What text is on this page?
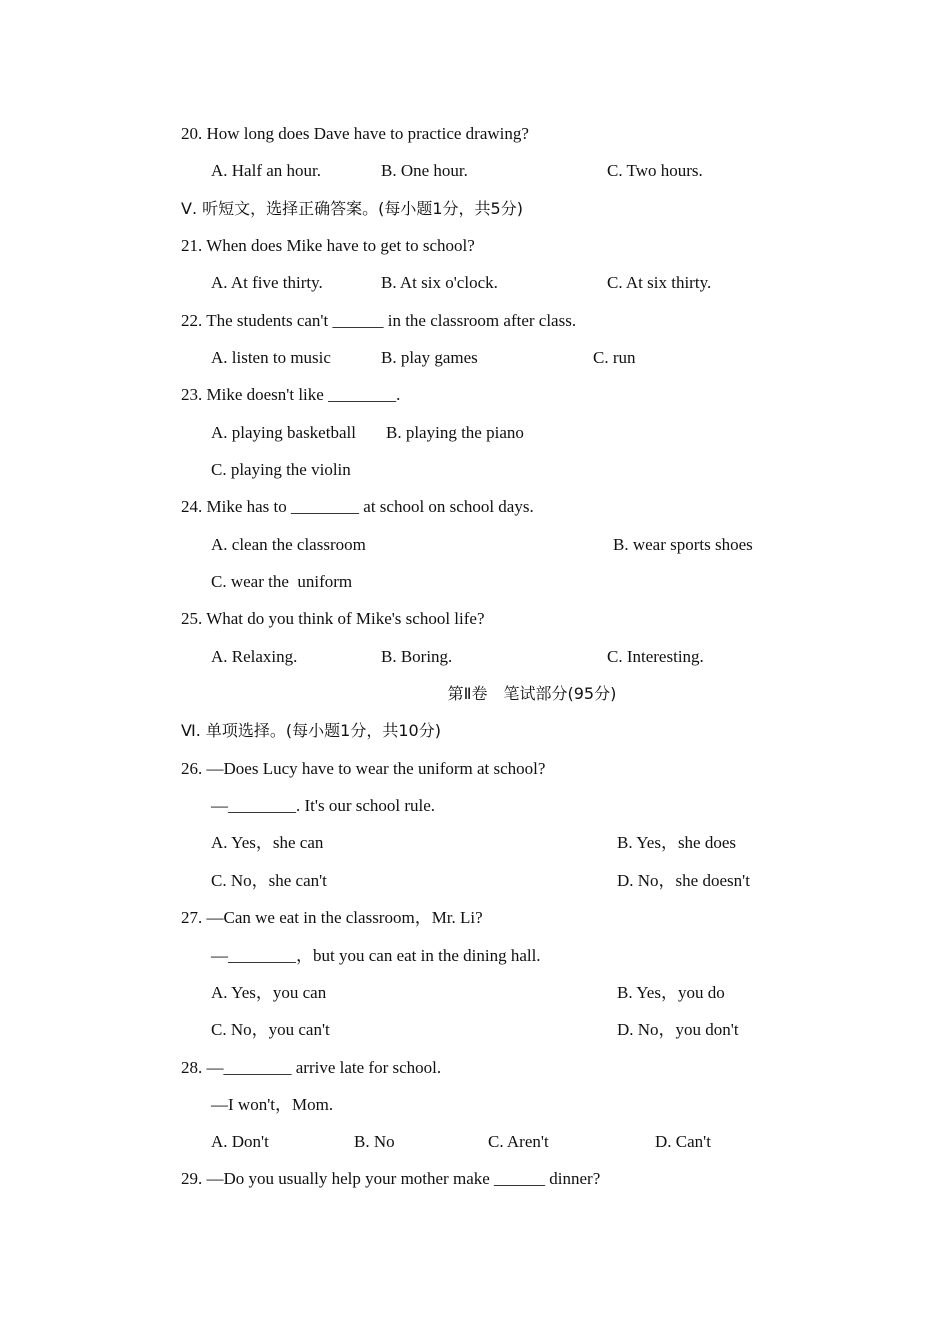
20. How long does Dave have to practice drawing?
A. Half an hour.	B. One hour.	C. Two hours.
Ⅴ. 听短文，选择正确答案。(每小题1分，共5分)
21. When does Mike have to get to school?
A. At five thirty.	B. At six o'clock.	C. At six thirty.
22. The students can't ______ in the classroom after class.
A. listen to music	B. play games	C. run
23. Mike doesn't like ________.
A. playing basketball B. playing the piano
C. playing the violin
24. Mike has to ________ at school on school days.
A. clean the classroom	B. wear sports shoes
C. wear the  uniform
25. What do you think of Mike's school life?
A. Relaxing.	B. Boring.	C. Interesting.
第Ⅱ卷　笔试部分(95分)
Ⅵ. 单项选择。(每小题1分，共10分)
26. —Does Lucy have to wear the uniform at school?
—________. It's our school rule.
A. Yes，she can	B. Yes，she does
C. No，she can't	D. No，she doesn't
27. —Can we eat in the classroom，Mr. Li?
—________，but you can eat in the dining hall.
A. Yes，you can	B. Yes，you do
C. No，you can't	D. No，you don't
28. —________ arrive late for school.
—I won't，Mom.
A. Don't	B. No	C. Aren't	D. Can't
29. —Do you usually help your mother make ______ dinner?
